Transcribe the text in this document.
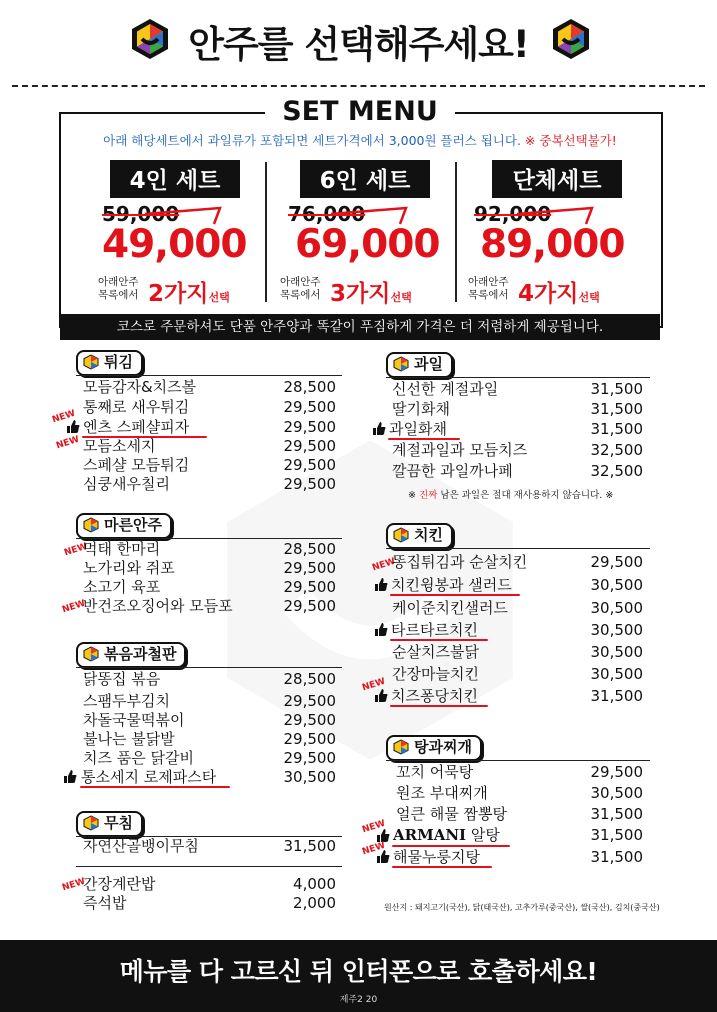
안주를 선택해주세요!
SET MENU
아래 해당세트에서 과일류가 포함되면 세트가격에서 3,000원 플러스 됩니다. ※ 중복선택불가!
4인 세트
59,000
49,000
아래안주
목록에서 2가지선택
6인 세트
76,000
69,000
아래안주
목록에서 3가지선택
단체세트
92,000
89,000
아래안주
목록에서 4가지선택
코스로 주문하셔도 단품 안주양과 똑같이 푸짐하게 가격은 더 저렴하게 제공됩니다.
튀김
모듬감자&치즈볼	28,500
통째로 새우튀김	29,500
NEW
엔츠 스페샬피자	29,500
NEW 모듬소세지	29,500
스페샬 모듬튀김	29,500
심쿵새우칠리	29,500
마른안주
NEW
먹태 한마리	28,500
노가리와 쥐포	29,500
소고기 육포	29,500
NEW
반건조오징어와 모듬포	29,500
볶음과철판
닭똥집 볶음	28,500
스팸두부김치	29,500
차돌국물떡볶이	29,500
불나는 불닭발	29,500
치즈 품은 닭갈비	29,500
통소세지 로제파스타	30,500
무침
자연산골뱅이무침	31,500
NEW
간장계란밥	4,000
즉석밥	2,000
과일
신선한 계절과일	31,500
딸기화채	31,500
과일화채	31,500
계절과일과 모듬치즈	32,500
깔끔한 과일까나페	32,500
※ 진짜 남은 과일은 절대 재사용하지 않습니다. ※
치킨
NEW
똥집튀김과 순살치킨	29,500
치킨윙봉과 샐러드	30,500
케이준치킨샐러드	30,500
타르타르치킨	30,500
순살치즈불닭	30,500
간장마늘치킨	30,500
NEW
치즈퐁당치킨	31,500
탕과찌개
꼬치 어묵탕	29,500
원조 부대찌개	30,500
얼큰 해물 짬뽕탕	31,500
NEW ARMANI 알탕	31,500
NEW 해물누룽지탕	31,500
원산지 : 돼지고기(국산), 닭(태국산), 고추가루(중국산), 쌀(국산), 김치(중국산)
메뉴를 다 고르신 뒤 인터폰으로 호출하세요!
제주2 20
